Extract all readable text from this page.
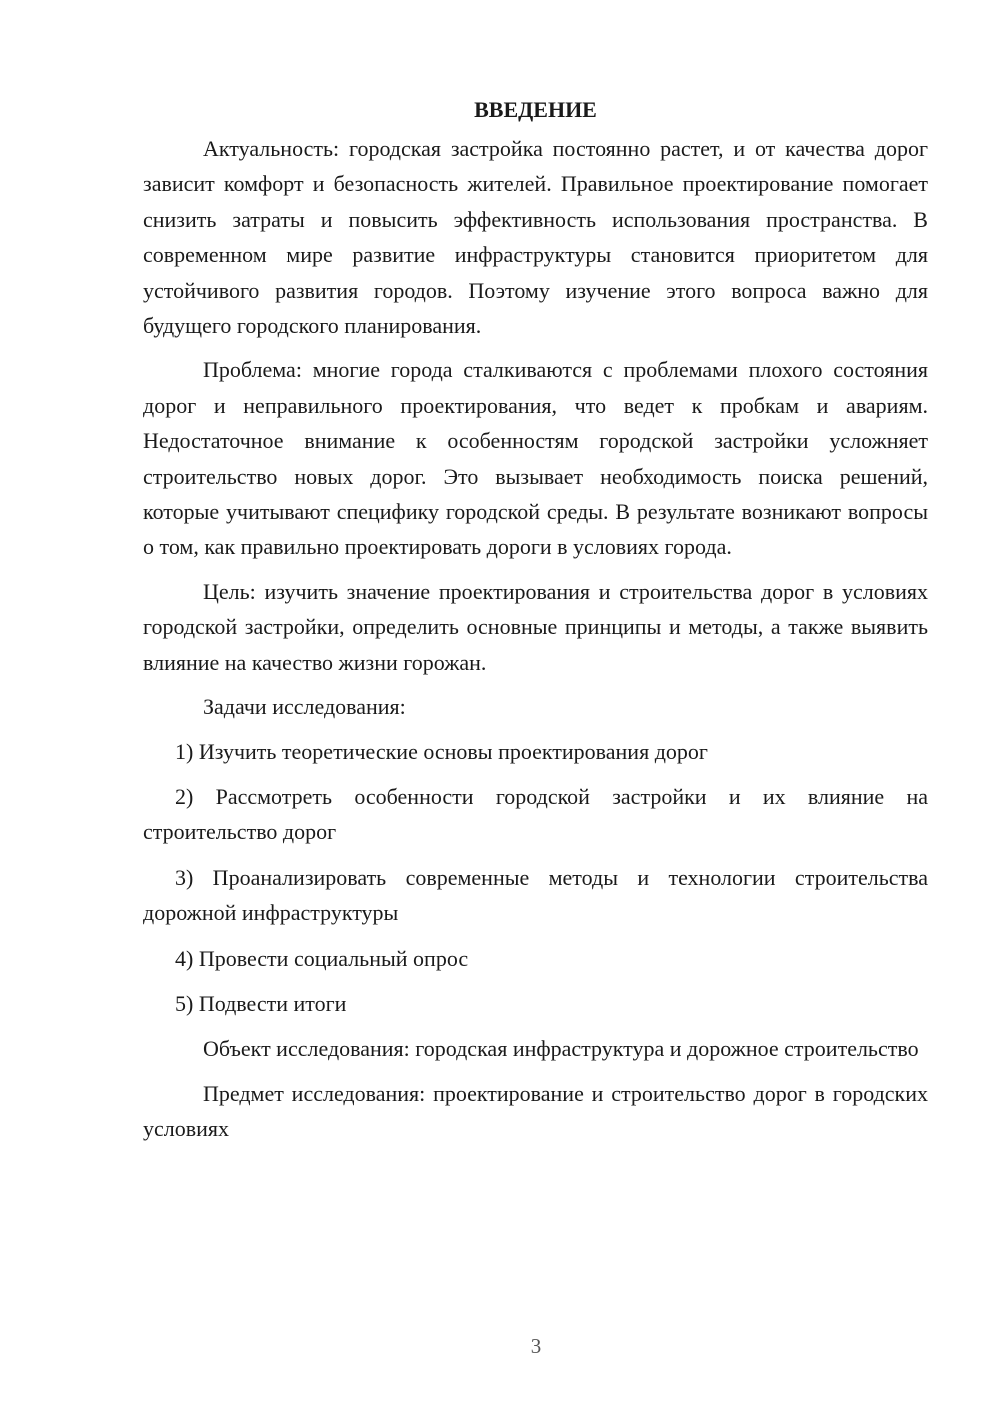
ВВЕДЕНИЕ

Актуальность: городская застройка постоянно растет, и от качества дорог зависит комфорт и безопасность жителей. Правильное проектирование помогает снизить затраты и повысить эффективность использования пространства. В современном мире развитие инфраструктуры становится приоритетом для устойчивого развития городов. Поэтому изучение этого вопроса важно для будущего городского планирования.

Проблема: многие города сталкиваются с проблемами плохого состояния дорог и неправильного проектирования, что ведет к пробкам и авариям. Недостаточное внимание к особенностям городской застройки усложняет строительство новых дорог. Это вызывает необходимость поиска решений, которые учитывают специфику городской среды. В результате возникают вопросы о том, как правильно проектировать дороги в условиях города.

Цель: изучить значение проектирования и строительства дорог в условиях городской застройки, определить основные принципы и методы, а также выявить влияние на качество жизни горожан.

Задачи исследования:

1) Изучить теоретические основы проектирования дорог

2) Рассмотреть особенности городской застройки и их влияние на строительство дорог

3) Проанализировать современные методы и технологии строительства дорожной инфраструктуры

4) Провести социальный опрос

5) Подвести итоги

Объект исследования: городская инфраструктура и дорожное строительство

Предмет исследования: проектирование и строительство дорог в городских условиях

3
